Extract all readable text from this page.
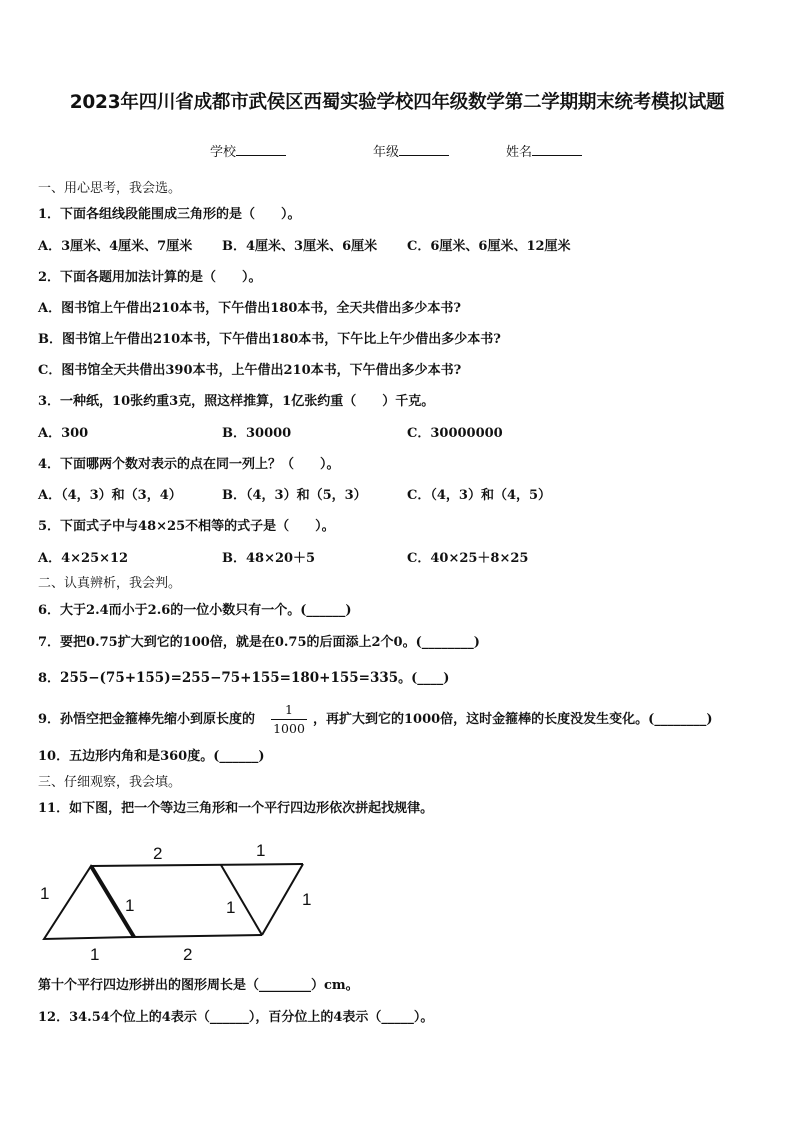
2023年四川省成都市武侯区西蜀实验学校四年级数学第二学期期末统考模拟试题
学校	年级	姓名
一、用心思考，我会选。
1．下面各组线段能围成三角形的是（　　）。
A．3厘米、4厘米、7厘米 B．4厘米、3厘米、6厘米 C．6厘米、6厘米、12厘米
2．下面各题用加法计算的是（　　）。
A．图书馆上午借出210本书，下午借出180本书，全天共借出多少本书?
B．图书馆上午借出210本书，下午借出180本书，下午比上午少借出多少本书?
C．图书馆全天共借出390本书，上午借出210本书，下午借出多少本书?
3．一种纸，10张约重3克，照这样推算，1亿张约重（　　）千克。
A．300	B．30000	C．30000000
4．下面哪两个数对表示的点在同一列上？（　　）。
A．（4，3）和（3，4）	B．（4，3）和（5，3）	C．（4，3）和（4，5）
5．下面式子中与48×25不相等的式子是（　　）。
A．4×25×12	B．48×20＋5	C．40×25＋8×25
二、认真辨析，我会判。
6．大于2.4而小于2.6的一位小数只有一个。(______)
7．要把0.75扩大到它的100倍，就是在0.75的后面添上2个0。(________)
8．255−(75+155)=255−75+155=180+155=335。(____)
9．孙悟空把金箍棒先缩小到原长度的
1
1000
，再扩大到它的1000倍，这时金箍棒的长度没发生变化。(________)
10．五边形内角和是360度。(______)
三、仔细观察，我会填。
11．如下图，把一个等边三角形和一个平行四边形依次拼起找规律。
2	1
1
1	1	1
1	2
第十个平行四边形拼出的图形周长是（________）cm。
12．34.54个位上的4表示（______），百分位上的4表示（_____）。
